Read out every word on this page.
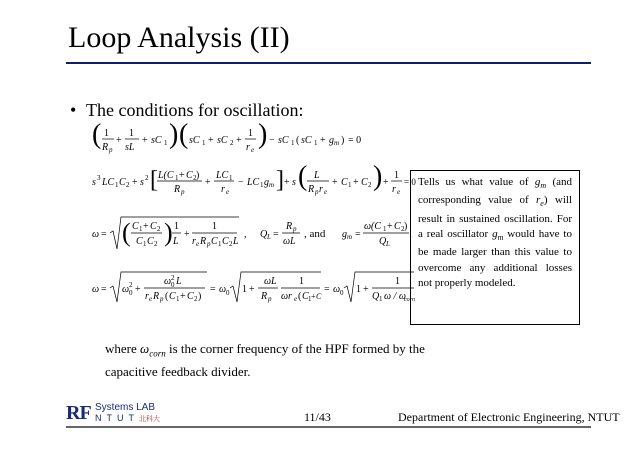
Loop Analysis (II)
• The conditions for oscillation:
( 1
R p
+
1
sL
+ sC 1 ) ( sC 1 + sC 2 +
1
r e ) − sC 1 ( sC 1 + g m ) = 0
s 3 LC 1 C 2 + s 2 [ L(C 1 + C 2 )
R p
+
LC 1
r e
− LC 1 g m ] + s ( L
R p r e
+ C 1 + C 2 ) +
1
r e
= 0
ω = ( C 1 + C 2
C 1 C 2 ) 1
L
+
1
r e R p C 1 C 2 L
, Q L =
R p
ωL
, and g m =
ω(C 1 + C 2 )
Q L
ω = ω 0
2 +
ω 0
2 L
r e R p ( C 1 + C 2 )
= ω 0 1 +
ωL
R p
1
ωr e ( C 1 + C
= ω 0 1 +
1
Q 1 ω / ω
corn
Tells us what value of $g_m$ (and corresponding value of $r_e$) will result in sustained oscillation. For a real oscillator $g_m$ would have to be made larger than this value to overcome any additional losses not properly modeled.
where $\omega_{corn}$ is the corner frequency of the HPF formed by the capacitive feedback divider.
RF Systems LAB
NTUT北科大	11/43	Department of Electronic Engineering, NTUT
